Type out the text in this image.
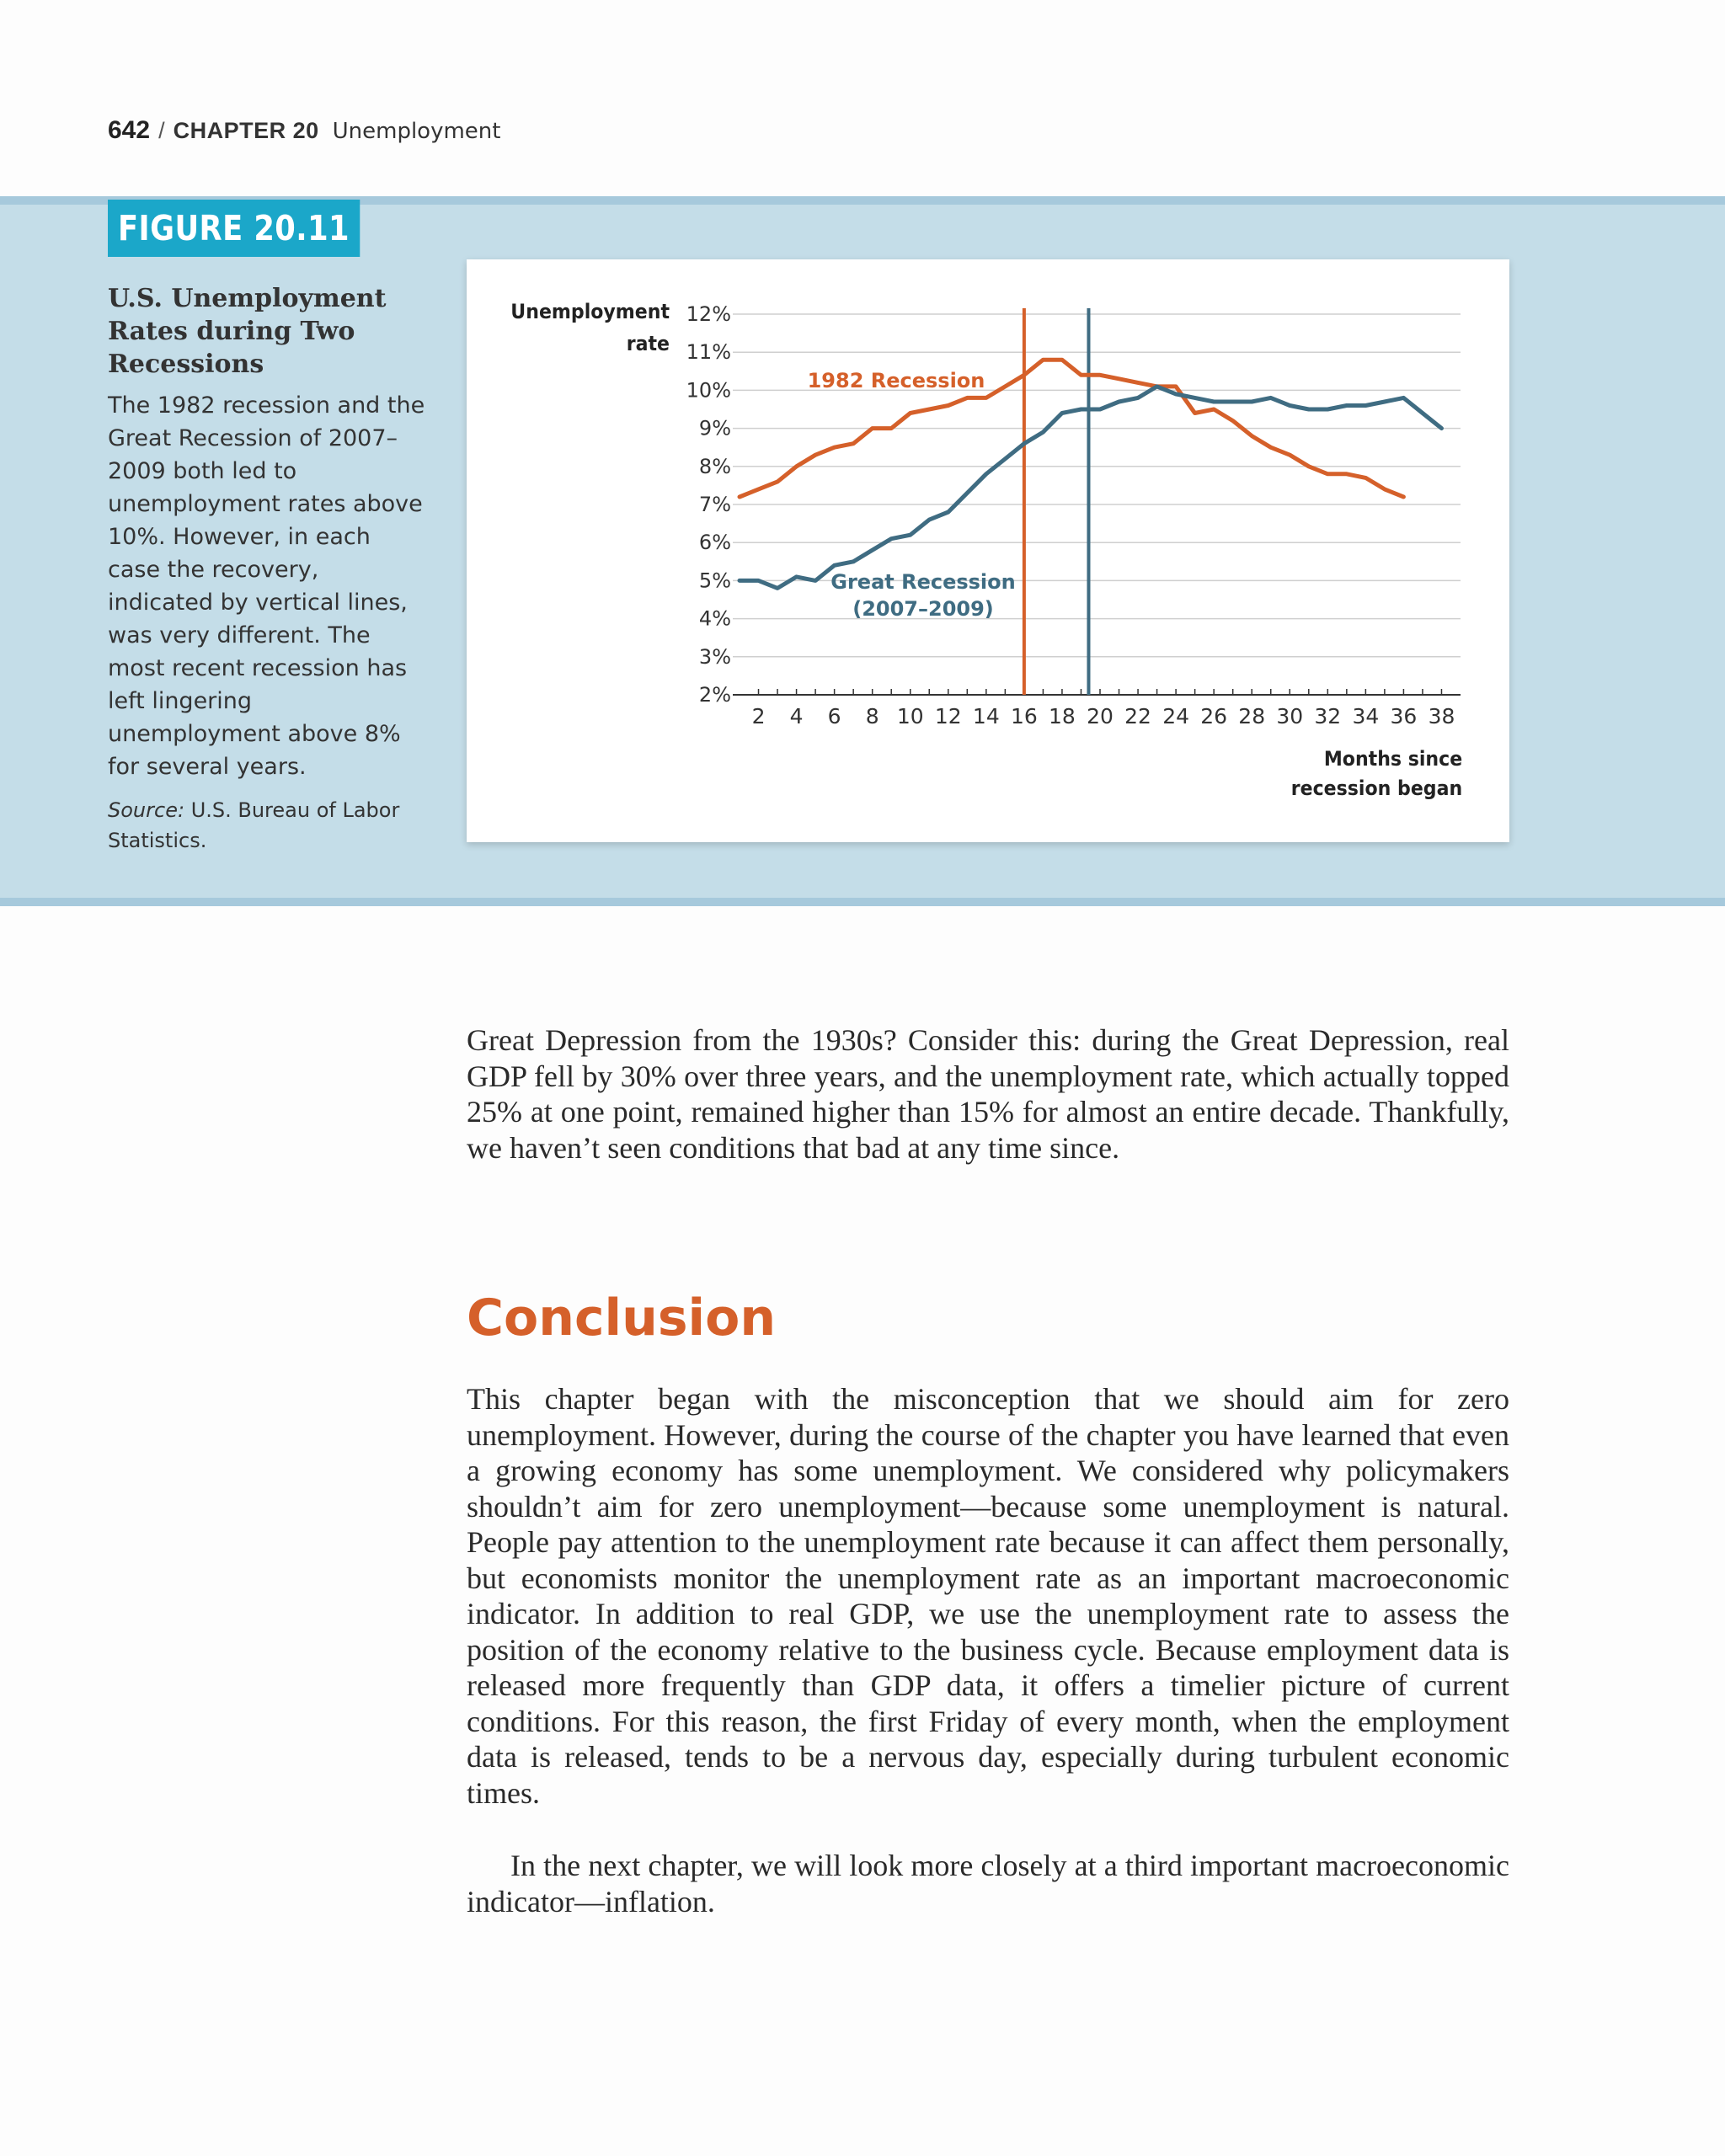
642 / CHAPTER 20 Unemployment
FIGURE 20.11
U.S. Unemployment Rates during Two Recessions
The 1982 recession and the Great Recession of 2007–2009 both led to unemployment rates above 10%. However, in each case the recovery, indicated by vertical lines, was very different. The most recent recession has left lingering unemployment above 8% for several years.
Source: U.S. Bureau of Labor Statistics.
2%
3%
4%
5%
6%
7%
8%
9%
10%
11%
12%
2 4 6 8 10 12 14 16 18 20 22 24 26 28 30 32 34 36 38
Unemployment
rate
Months since
recession began
1982 Recession
Great Recession
(2007–2009)
Great Depression from the 1930s? Consider this: during the Great Depression, real GDP fell by 30% over three years, and the unemployment rate, which actually topped 25% at one point, remained higher than 15% for almost an entire decade. Thankfully, we haven’t seen conditions that bad at any time since.
Conclusion
This chapter began with the misconception that we should aim for zero unemployment. However, during the course of the chapter you have learned that even a growing economy has some unemployment. We considered why policymakers shouldn’t aim for zero unemployment—because some unemployment is natural. People pay attention to the unemployment rate because it can affect them personally, but economists monitor the unemployment rate as an important macroeconomic indicator. In addition to real GDP, we use the unemployment rate to assess the position of the economy relative to the business cycle. Because employment data is released more frequently than GDP data, it offers a timelier picture of current conditions. For this reason, the first Friday of every month, when the employment data is released, tends to be a nervous day, especially during turbulent economic times.
In the next chapter, we will look more closely at a third important macroeconomic indicator—inflation.
